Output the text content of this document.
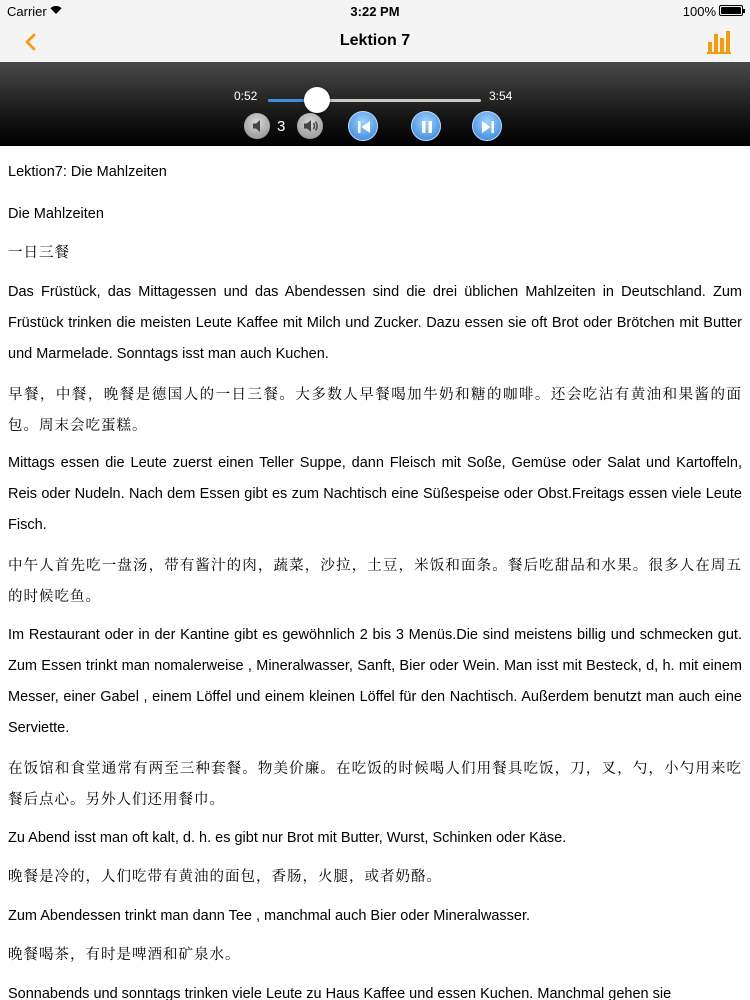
Carrier	3:22 PM	100%
Lektion 7
0:52	3:54
3

Lektion7: Die Mahlzeiten

Die Mahlzeiten

一日三餐

Das Früstück, das Mittagessen und das Abendessen sind die drei üblichen Mahlzeiten in Deutschland. Zum Früstück trinken die meisten Leute Kaffee mit Milch und Zucker. Dazu essen sie oft Brot oder Brötchen mit Butter und Marmelade. Sonntags isst man auch Kuchen.

早餐，中餐，晚餐是德国人的一日三餐。大多数人早餐喝加牛奶和糖的咖啡。还会吃沾有黄油和果酱的面包。周末会吃蛋糕。

Mittags essen die Leute zuerst einen Teller Suppe, dann Fleisch mit Soße, Gemüse oder Salat und Kartoffeln, Reis oder Nudeln. Nach dem Essen gibt es zum Nachtisch eine Süßespeise oder Obst.Freitags essen viele Leute Fisch.

中午人首先吃一盘汤，带有酱汁的肉，蔬菜，沙拉，土豆，米饭和面条。餐后吃甜品和水果。很多人在周五的时候吃鱼。

Im Restaurant oder in der Kantine gibt es gewöhnlich 2 bis 3 Menüs.Die sind meistens billig und schmecken gut. Zum Essen trinkt man nomalerweise , Mineralwasser, Sanft, Bier oder Wein. Man isst mit Besteck, d, h. mit einem Messer, einer Gabel , einem Löffel und einem kleinen Löffel für den Nachtisch. Außerdem benutzt man auch eine Serviette.

在饭馆和食堂通常有两至三种套餐。物美价廉。在吃饭的时候喝人们用餐具吃饭，刀，叉，勺，小勺用来吃餐后点心。另外人们还用餐巾。

Zu Abend isst man oft kalt, d. h. es gibt nur Brot mit Butter, Wurst, Schinken oder Käse.

晚餐是冷的，人们吃带有黄油的面包，香肠，火腿，或者奶酪。

Zum Abendessen trinkt man dann Tee , manchmal auch Bier oder Mineralwasser.

晚餐喝茶，有时是啤酒和矿泉水。

Sonnabends und sonntags trinken viele Leute zu Haus Kaffee und essen Kuchen. Manchmal gehen sie
